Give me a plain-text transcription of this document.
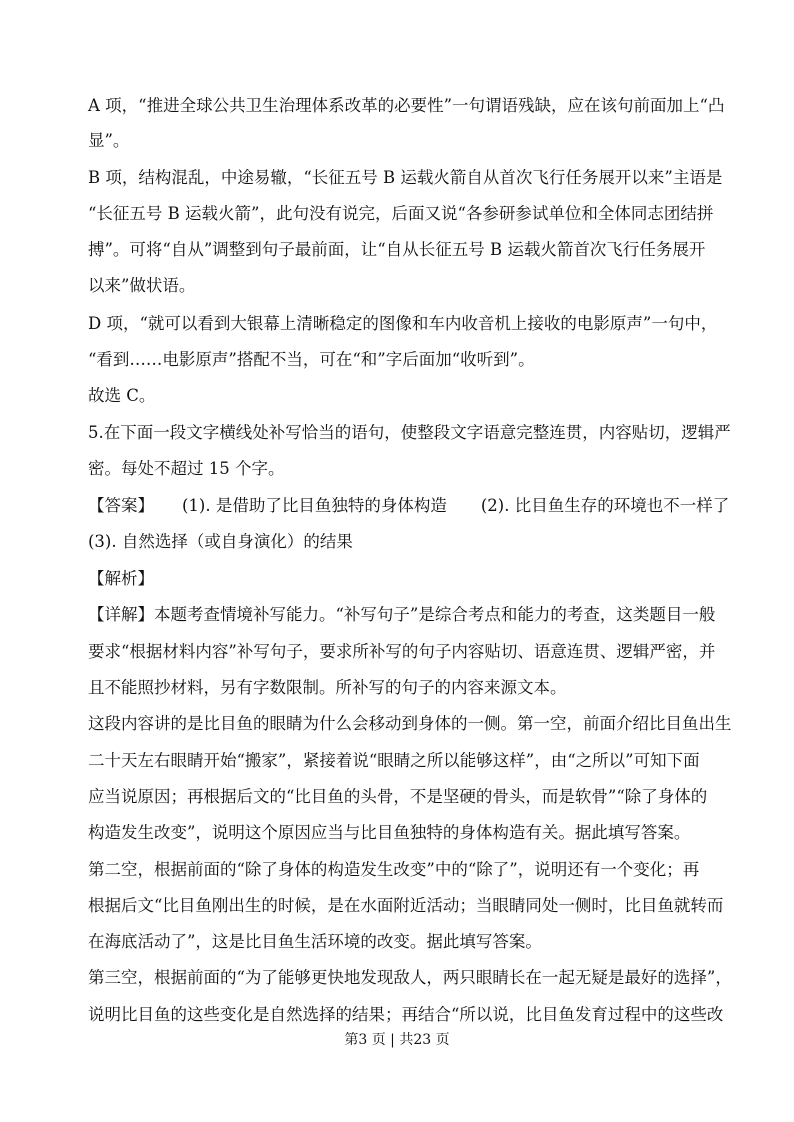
A 项，“推进全球公共卫生治理体系改革的必要性”一句谓语残缺，应在该句前面加上“凸
显”。
B 项，结构混乱，中途易辙，“长征五号 B 运载火箭自从首次飞行任务展开以来”主语是
“长征五号 B 运载火箭”，此句没有说完，后面又说“各参研参试单位和全体同志团结拼
搏”。可将“自从”调整到句子最前面，让“自从长征五号 B 运载火箭首次飞行任务展开
以来”做状语。
D 项，“就可以看到大银幕上清晰稳定的图像和车内收音机上接收的电影原声”一句中，
“看到……电影原声”搭配不当，可在“和”字后面加“收听到”。
故选 C。
5.在下面一段文字横线处补写恰当的语句，使整段文字语意完整连贯，内容贴切，逻辑严
密。每处不超过 15 个字。
【答案】 (1). 是借助了比目鱼独特的身体构造 (2). 比目鱼生存的环境也不一样了
(3). 自然选择（或自身演化）的结果
【解析】
【详解】本题考查情境补写能力。“补写句子”是综合考点和能力的考查，这类题目一般
要求“根据材料内容”补写句子，要求所补写的句子内容贴切、语意连贯、逻辑严密，并
且不能照抄材料，另有字数限制。所补写的句子的内容来源文本。
这段内容讲的是比目鱼的眼睛为什么会移动到身体的一侧。第一空，前面介绍比目鱼出生
二十天左右眼睛开始“搬家”，紧接着说“眼睛之所以能够这样”，由“之所以”可知下面
应当说原因；再根据后文的“比目鱼的头骨，不是坚硬的骨头，而是软骨”“除了身体的
构造发生改变”，说明这个原因应当与比目鱼独特的身体构造有关。据此填写答案。
第二空，根据前面的“除了身体的构造发生改变”中的“除了”，说明还有一个变化；再
根据后文“比目鱼刚出生的时候，是在水面附近活动；当眼睛同处一侧时，比目鱼就转而
在海底活动了”，这是比目鱼生活环境的改变。据此填写答案。
第三空，根据前面的“为了能够更快地发现敌人，两只眼睛长在一起无疑是最好的选择”，
说明比目鱼的这些变化是自然选择的结果；再结合“所以说，比目鱼发育过程中的这些改
第3 页 | 共23 页
